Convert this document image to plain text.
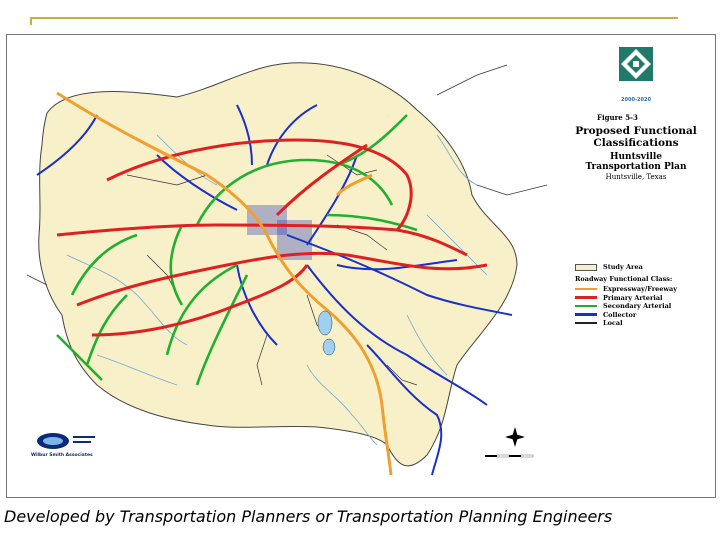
Wilbur Smith Associates
2000-2020
Figure 5-3
Proposed Functional
Classifications
Huntsville
Transportation Plan
Huntsville, Texas
Study Area
Roadway Functional Class:
Expressway/Freeway
Primary Arterial
Secondary Arterial
Collector
Local
Developed by Transportation Planners or Transportation Planning Engineers
